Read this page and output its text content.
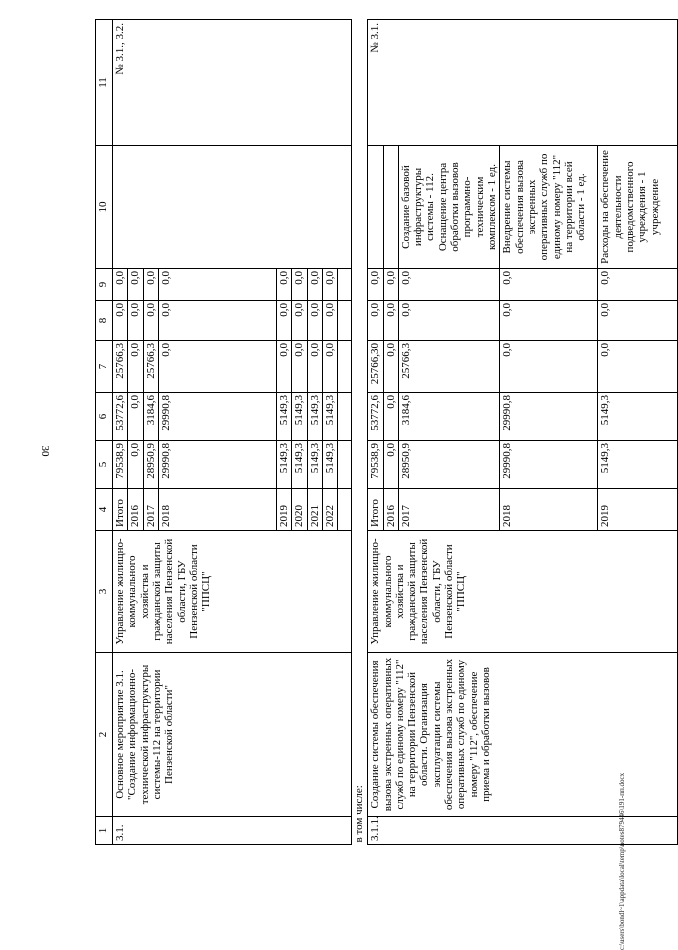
30
1	2	3	4	5	6	7	8	9	10	11
3.1.	Основное мероприятие 3.1. "Создание информационно-технической инфраструктуры системы-112 на территории Пензенской области"	Управление жилищно-коммунального хозяйства и гражданской защиты населения Пензенской области, ГБУ Пензенской области "ППСЦ"	Итого	79538,9	53772,6	25766,3	0,0	0,0		№ 3.1., 3.2.
			2016	0,0	0,0	0,0	0,0	0,0		
			2017	28950,9	3184,6	25766,3	0,0	0,0		
			2018	29990,8	29990,8	0,0	0,0	0,0		
			2019	5149,3	5149,3	0,0	0,0	0,0		
			2020	5149,3	5149,3	0,0	0,0	0,0		
			2021	5149,3	5149,3	0,0	0,0	0,0		
			2022	5149,3	5149,3	0,0	0,0	0,0		

в том числе:										
3.1.1.	Создание системы обеспечения вызова экстренных оперативных служб по единому номеру "112" на территории Пензенской области. Организация эксплуатации системы обеспечения вызова экстренных оперативных служб по единому номеру "112", обеспечение приема и обработки вызовов	Управление жилищно-коммунального хозяйства и гражданской защиты населения Пензенской области, ГБУ Пензенской области "ППСЦ"	Итого	79538,9	53772,6	25766,30	0,0	0,0		№ 3.1.
			2016	0,0	0,0	0,0	0,0	0,0		
			2017	28950,9	3184,6	25766,3	0,0	0,0	Создание базовой инфраструктуры системы - 112. Оснащение центра обработки вызовов программно-техническим комплексом - 1 ед.	
			2018	29990,8	29990,8	0,0	0,0	0,0	Внедрение системы обеспечения вызова экстренных оперативных служб по единому номеру "112" на территории всей области - 1 ед.	
			2019	5149,3	5149,3	0,0	0,0	0,0	Расходы на обеспечение деятельности подведомственного учреждения - 1 учреждение	
c:\users\bondl~1\appdata\local\temp\notes879446\191-пп.docx
